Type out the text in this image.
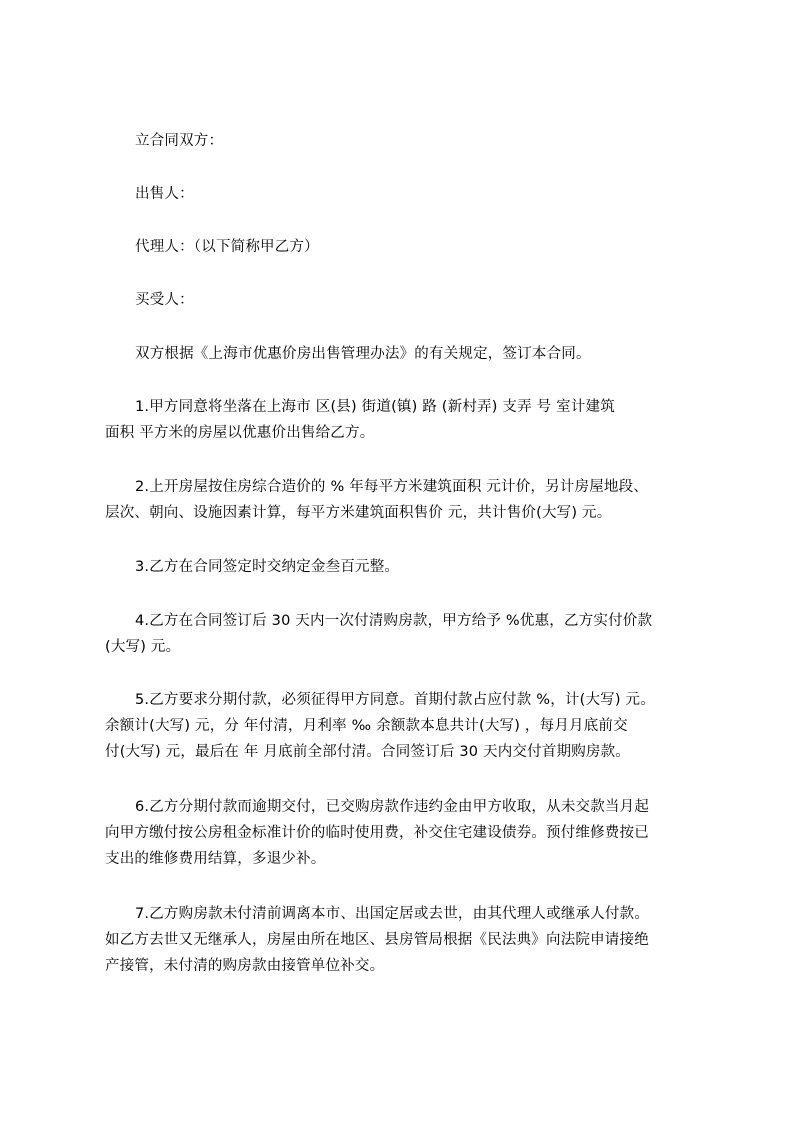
立合同双方：
出售人：
代理人：（以下简称甲乙方）
买受人：
双方根据《上海市优惠价房出售管理办法》的有关规定，签订本合同。
1.甲方同意将坐落在上海市 区(县) 街道(镇) 路 (新村弄) 支弄 号 室计建筑
面积 平方米的房屋以优惠价出售给乙方。
2.上开房屋按住房综合造价的 % 年每平方米建筑面积 元计价，另计房屋地段、
层次、朝向、设施因素计算，每平方米建筑面积售价 元，共计售价(大写) 元。
3.乙方在合同签定时交纳定金叁百元整。
4.乙方在合同签订后 30 天内一次付清购房款，甲方给予 %优惠，乙方实付价款
(大写) 元。
5.乙方要求分期付款，必须征得甲方同意。首期付款占应付款 %，计(大写) 元。
余额计(大写) 元，分 年付清，月利率 ‰ 余额款本息共计(大写) ，每月月底前交
付(大写) 元，最后在 年 月底前全部付清。合同签订后 30 天内交付首期购房款。
6.乙方分期付款而逾期交付，已交购房款作违约金由甲方收取，从未交款当月起
向甲方缴付按公房租金标准计价的临时使用费，补交住宅建设债券。预付维修费按已
支出的维修费用结算，多退少补。
7.乙方购房款未付清前调离本市、出国定居或去世，由其代理人或继承人付款。
如乙方去世又无继承人，房屋由所在地区、县房管局根据《民法典》向法院申请接绝
产接管，未付清的购房款由接管单位补交。
